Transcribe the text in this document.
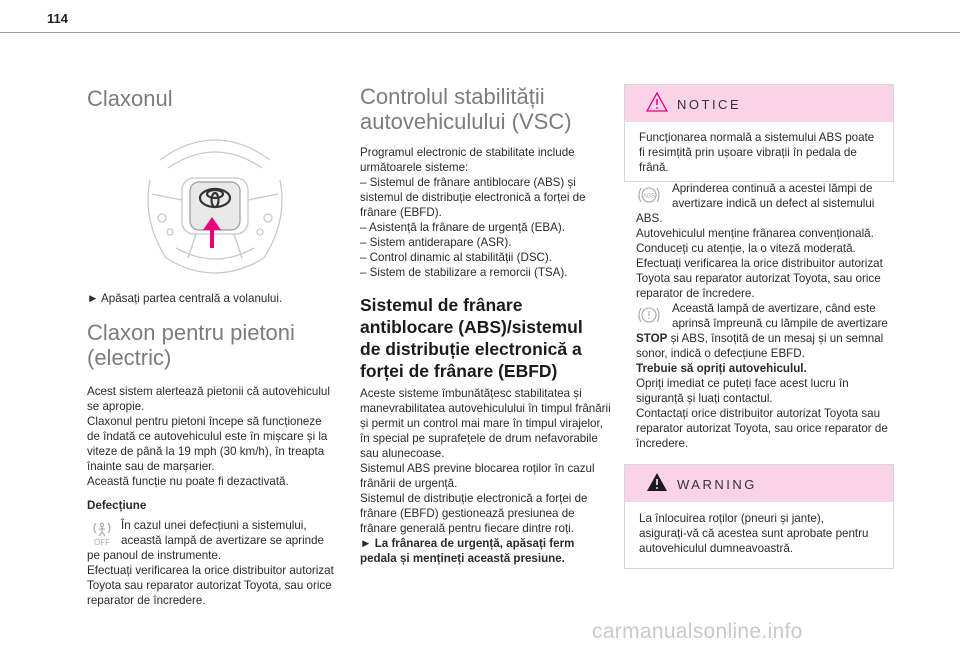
114

Claxonul

► Apăsați partea centrală a volanului.

Claxon pentru pietoni

(electric)

Acest sistem alertează pietonii că autovehiculul

se apropie.

Claxonul pentru pietoni începe să funcționeze

de îndată ce autovehiculul este în mișcare și la

viteze de până la 19 mph (30 km/h), în treapta

înainte sau de marșarier.

Această funcție nu poate fi dezactivată.

Defecțiune

OFF

În cazul unei defecțiuni a sistemului,

această lampă de avertizare se aprinde

pe panoul de instrumente.

Efectuați verificarea la orice distribuitor autorizat

Toyota sau reparator autorizat Toyota, sau orice

reparator de încredere.

Controlul stabilității

autovehiculului (VSC)

Programul electronic de stabilitate include

următoarele sisteme:

– Sistemul de frânare antiblocare (ABS) și

sistemul de distribuție electronică a forței de

frânare (EBFD).

– Asistență la frânare de urgență (EBA).

– Sistem antiderapare (ASR).

– Control dinamic al stabilității (DSC).

– Sistem de stabilizare a remorcii (TSA).

Sistemul de frânare

antiblocare (ABS)/sistemul

de distribuție electronică a

forței de frânare (EBFD)

Aceste sisteme îmbunătățesc stabilitatea și

manevrabilitatea autovehiculului în timpul frânării

și permit un control mai mare în timpul virajelor,

în special pe suprafețele de drum nefavorabile

sau alunecoase.

Sistemul ABS previne blocarea roților în cazul

frânării de urgență.

Sistemul de distribuție electronică a forței de

frânare (EBFD) gestionează presiunea de

frânare generală pentru fiecare dintre roți.

► La frânarea de urgență, apăsați ferm

pedala și mențineți această presiune.

NOTICE

Funcționarea normală a sistemului ABS poate

fi resimțită prin ușoare vibrații în pedala de

frână.

ABS

Aprinderea continuă a acestei lămpi de

avertizare indică un defect al sistemului

ABS.

Autovehiculul menține frânarea convențională.

Conduceți cu atenție, la o viteză moderată.

Efectuați verificarea la orice distribuitor autorizat

Toyota sau reparator autorizat Toyota, sau orice

reparator de încredere.

Această lampă de avertizare, când este

aprinsă împreună cu lămpile de avertizare

STOP și ABS, însoțită de un mesaj și un semnal

sonor, indică o defecțiune EBFD.

Trebuie să opriți autovehiculul.

Opriți imediat ce puteți face acest lucru în

siguranță și luați contactul.

Contactați orice distribuitor autorizat Toyota sau

reparator autorizat Toyota, sau orice reparator de

încredere.

WARNING

La înlocuirea roților (pneuri și jante),

asigurați-vă că acestea sunt aprobate pentru

autovehiculul dumneavoastră.

carmanualsonline.info
